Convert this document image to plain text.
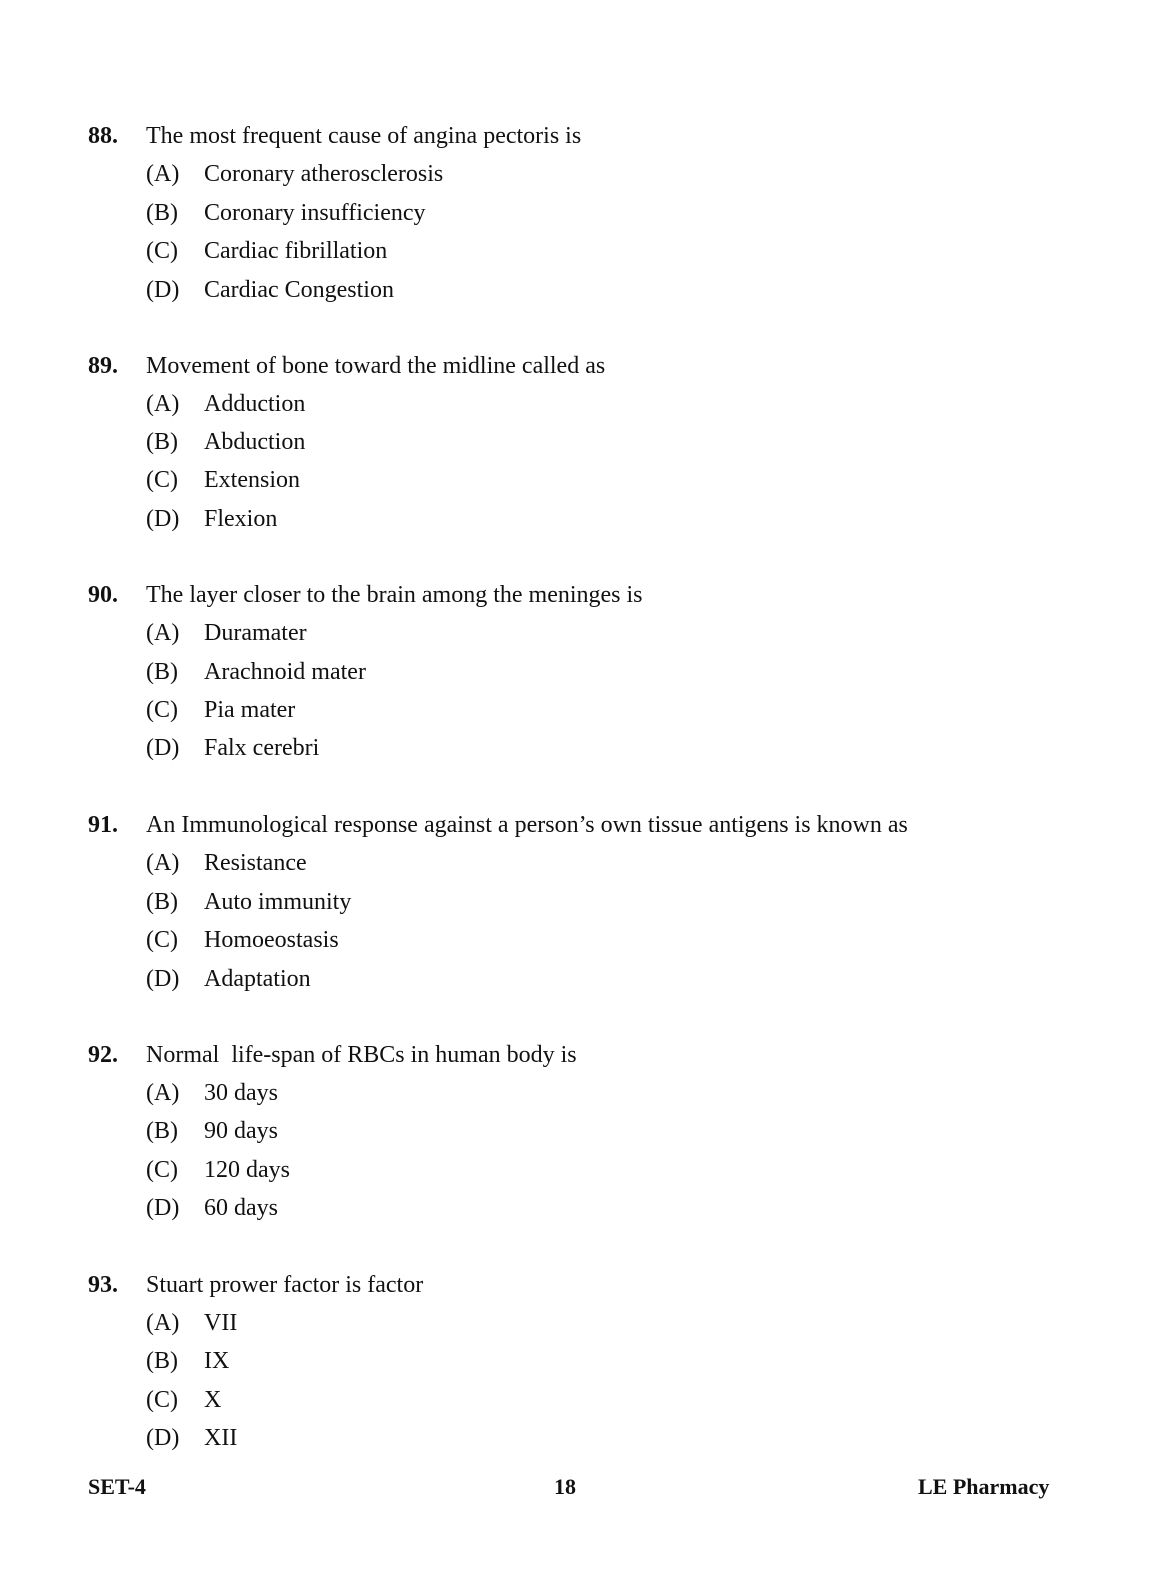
88. The most frequent cause of angina pectoris is
(A) Coronary atherosclerosis
(B) Coronary insufficiency
(C) Cardiac fibrillation
(D) Cardiac Congestion
89. Movement of bone toward the midline called as
(A) Adduction
(B) Abduction
(C) Extension
(D) Flexion
90. The layer closer to the brain among the meninges is
(A) Duramater
(B) Arachnoid mater
(C) Pia mater
(D) Falx cerebri
91. An Immunological response against a person’s own tissue antigens is known as
(A) Resistance
(B) Auto immunity
(C) Homoeostasis
(D) Adaptation
92. Normal  life-span of RBCs in human body is
(A) 30 days
(B) 90 days
(C) 120 days
(D) 60 days
93. Stuart prower factor is factor
(A) VII
(B) IX
(C) X
(D) XII
SET-4	18	LE Pharmacy
